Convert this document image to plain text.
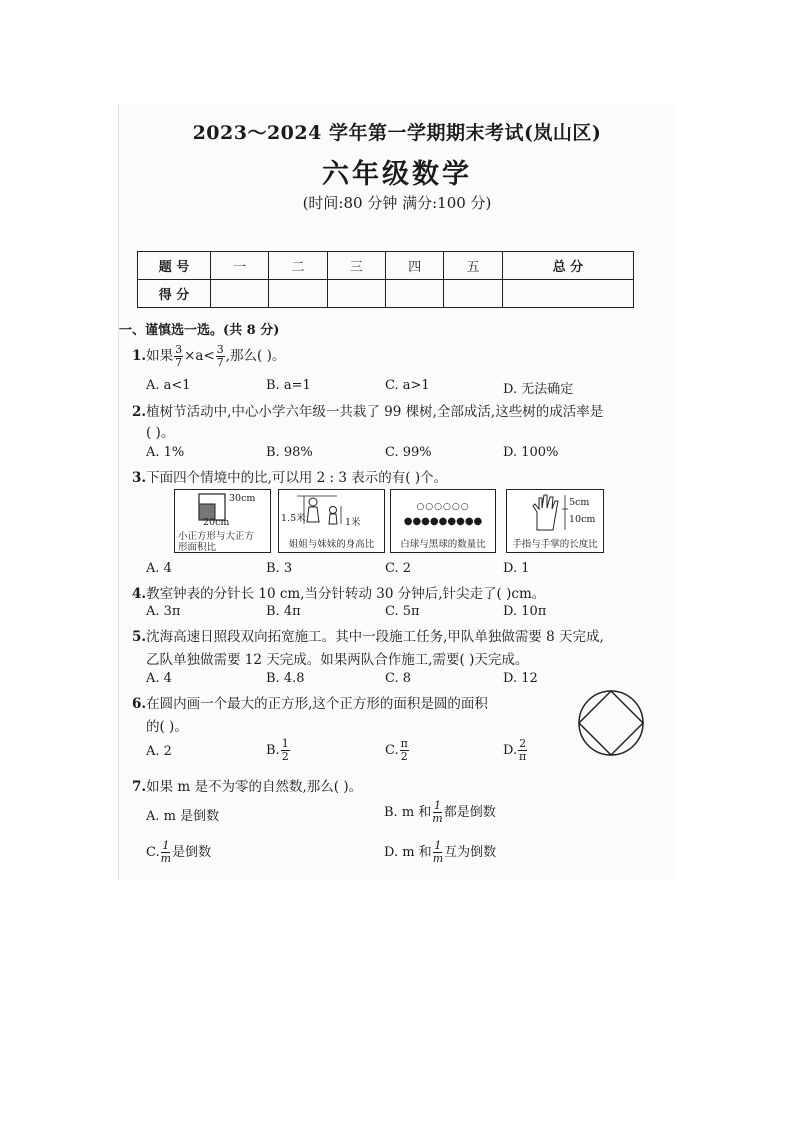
2023～2024 学年第一学期期末考试(岚山区)
六年级数学
(时间:80 分钟 满分:100 分)
题 号	一	二	三	四	五	总 分
得 分						
一、谨慎选一选。(共 8 分)
1.如果 $\frac{3}{7} \times a< \frac{3}{7}$ ,那么( )。
A. a<1	B. a=1	C. a>1	D. 无法确定
2.植树节活动中,中心小学六年级一共栽了 99 棵树,全部成活,这些树的成活率是
( )。
A. 1%	B. 98%	C. 99%	D. 100%
3.下面四个情境中的比,可以用 2 : 3 表示的有( )个。
30cm
20cm
小正方形与大正方
形面积比
1.5米	1米
姐姐与妹妹的身高比
○○○○○○
●●●●●●●●●
白球与黑球的数量比
5cm
10cm
手指与手掌的长度比
A. 4	B. 3	C. 2	D. 1
4.教室钟表的分针长 10 cm,当分针转动 30 分钟后,针尖走了( )cm。
A. 3π	B. 4π	C. 5π	D. 10π
5.沈海高速日照段双向拓宽施工。其中一段施工任务,甲队单独做需要 8 天完成,
乙队单独做需要 12 天完成。如果两队合作施工,需要( )天完成。
A. 4	B. 4.8	C. 8	D. 12
6.在圆内画一个最大的正方形,这个正方形的面积是圆的面积
的( )。
A. 2	B. $\frac{1}{2}$	C. $\frac{\pi}{2}$	D. $\frac{2}{\pi}$
7.如果 m 是不为零的自然数,那么( )。
A. m 是倒数	B. m 和 $\frac{1}{m}$ 都是倒数
C. $\frac{1}{m}$ 是倒数	D. m 和 $\frac{1}{m}$ 互为倒数
